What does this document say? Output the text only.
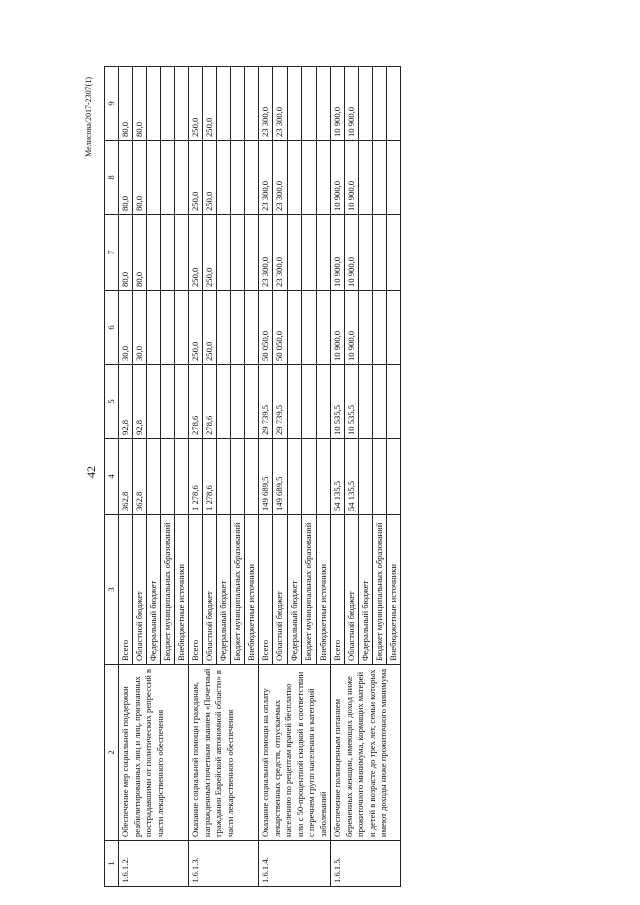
42
Мелисова/2017-2307(1)
1	2	3	4	5	6	7	8	9
1.6.1.2.	Обеспечение мер социальной поддержки реабилитированных лиц и лиц, признанных пострадавшими от политических репрессий в части лекарственного обеспечения	Всего	362,8	92,8	30,0	80,0	80,0	80,0
		Областной бюджет	362,8	92,8	30,0	80,0	80,0	80,0
		Федеральный бюджет						
		Бюджет муниципальных образований						
		Внебюджетные источники						
1.6.1.3.	Оказание социальной помощи гражданам, награжденным почетным званием «Почетный гражданин Еврейской автономной области» в части лекарственного обеспечения	Всего	1 278,6	278,6	250,0	250,0	250,0	250,0
		Областной бюджет	1 278,6	278,6	250,0	250,0	250,0	250,0
		Федеральный бюджет						
		Бюджет муниципальных образований						
		Внебюджетные источники						
1.6.1.4.	Оказание социальной помощи на оплату лекарственных средств, отпускаемых населению по рецептам врачей бесплатно или с 50-процентной скидкой в соответствии с перечнем групп населения и категорий заболеваний	Всего	149 689,5	29 739,5	50 050,0	23 300,0	23 300,0	23 300,0
		Областной бюджет	149 689,5	29 739,5	50 050,0	23 300,0	23 300,0	23 300,0
		Федеральный бюджет						
		Бюджет муниципальных образований						
		Внебюджетные источники						
1.6.1.5.	Обеспечение полноценным питанием беременных женщин, имеющих доход ниже прожиточного минимума, кормящих матерей и детей в возрасте до трех лет, семьи которых имеют доходы ниже прожиточного минимума	Всего	54 135,5	10 535,5	10 900,0	10 900,0	10 900,0	10 900,0
		Областной бюджет	54 135,5	10 535,5	10 900,0	10 900,0	10 900,0	10 900,0
		Федеральный бюджет						
		Бюджет муниципальных образований						
		Внебюджетные источники						
